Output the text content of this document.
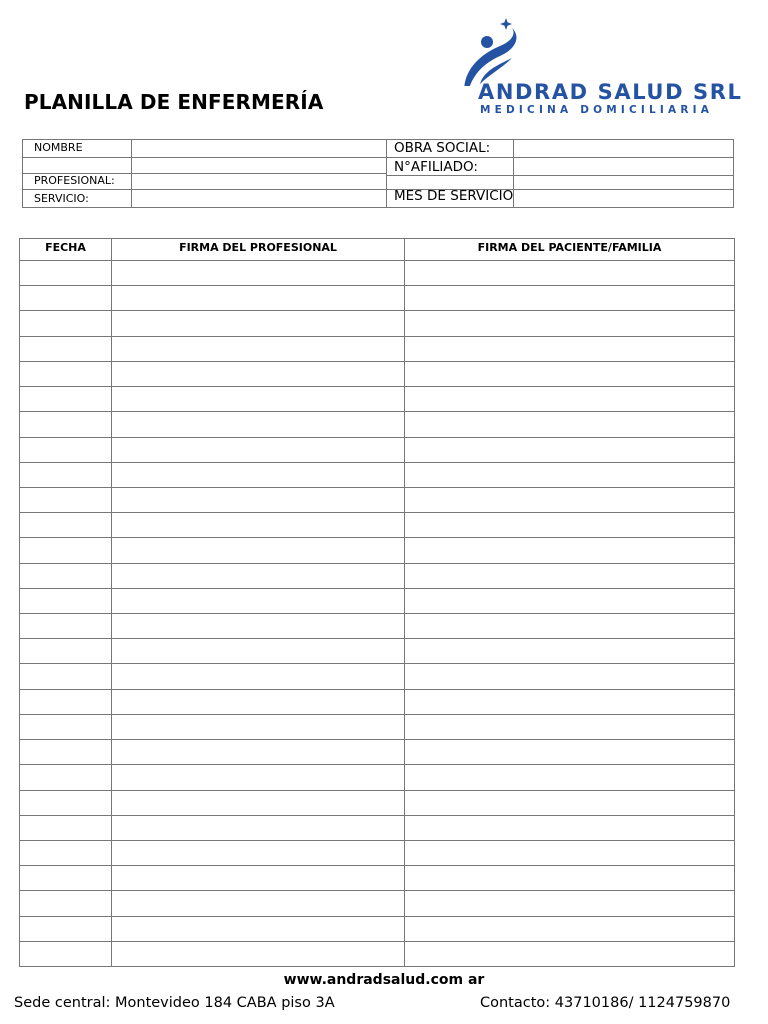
PLANILLA DE ENFERMERÍA	ANDRAD SALUD SRL
MEDICINA DOMICILIARIA
NOMBRE
PROFESIONAL:
SERVICIO:
OBRA SOCIAL:
N°AFILIADO:
MES DE SERVICIO
FECHA	FIRMA DEL PROFESIONAL	FIRMA DEL PACIENTE/FAMILIA
www.andradsalud.com ar
Sede central: Montevideo 184 CABA piso 3A	Contacto: 43710186/ 1124759870
